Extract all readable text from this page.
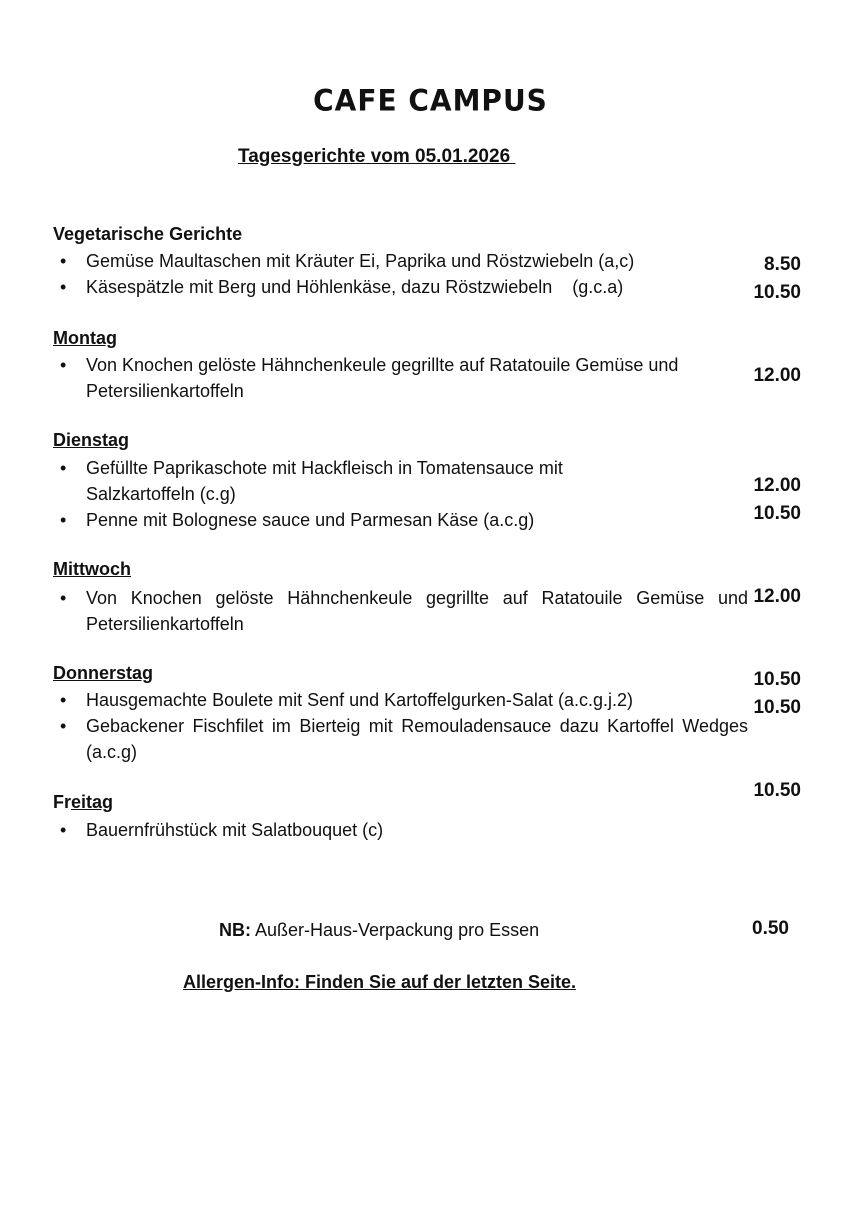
CAFE CAMPUS
Tagesgerichte vom 05.01.2026
Vegetarische Gerichte
• Gemüse Maultaschen mit Kräuter Ei, Paprika und Röstzwiebeln (a,c)
• Käsespätzle mit Berg und Höhlenkäse, dazu Röstzwiebeln    (g.c.a)
8.50
10.50
Montag
• Von Knochen gelöste Hähnchenkeule gegrillte auf Ratatouile Gemüse und Petersilienkartoffeln
12.00
Dienstag
• Gefüllte Paprikaschote mit Hackfleisch in Tomatensauce mit Salzkartoffeln (c.g)
• Penne mit Bolognese sauce und Parmesan Käse (a.c.g)
12.00
10.50
Mittwoch
• Von Knochen gelöste Hähnchenkeule gegrillte auf Ratatouile Gemüse und Petersilienkartoffeln
12.00
Donnerstag
• Hausgemachte Boulete mit Senf und Kartoffelgurken-Salat (a.c.g.j.2)
• Gebackener Fischfilet im Bierteig mit Remouladensauce dazu Kartoffel Wedges (a.c.g)
10.50
10.50
Freitag
• Bauernfrühstück mit Salatbouquet (c)
10.50
NB: Außer-Haus-Verpackung pro Essen	0.50
Allergen-Info: Finden Sie auf der letzten Seite.
